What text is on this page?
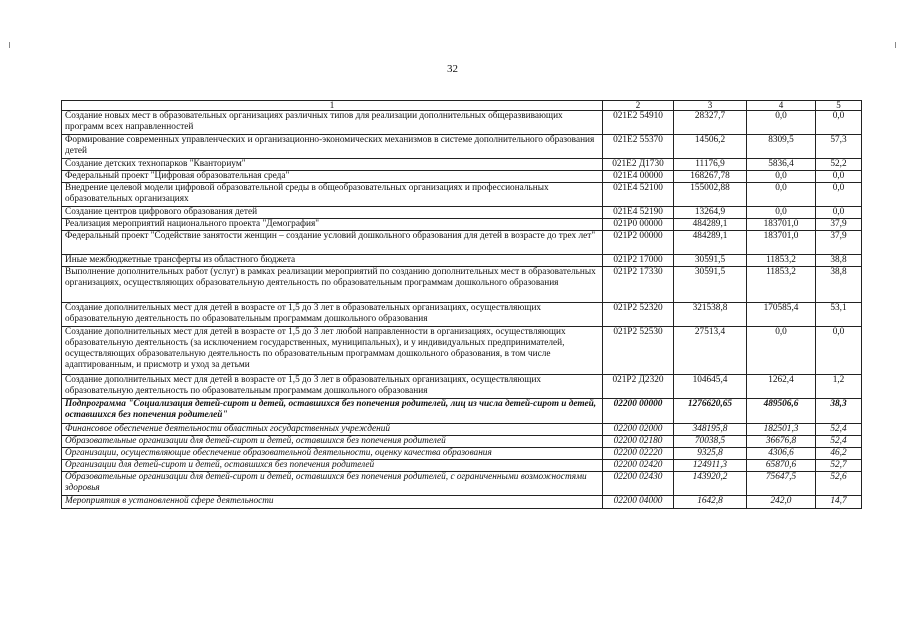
32
1	2	3	4	5
Создание новых мест в образовательных организациях различных типов для реализации дополнительных общеразвивающих программ всех направленностей	021E2 54910	28327,7	0,0	0,0
Формирование современных управленческих и организационно-экономических механизмов в системе дополнительного образования детей	021E2 55370	14506,2	8309,5	57,3
Создание детских технопарков "Кванториум"	021E2 Д1730	11176,9	5836,4	52,2
Федеральный проект "Цифровая образовательная среда"	021E4 00000	168267,78	0,0	0,0
Внедрение целевой модели цифровой образовательной среды в общеобразовательных организациях и профессиональных образовательных организациях	021E4 52100	155002,88	0,0	0,0
Создание центров цифрового образования детей	021E4 52190	13264,9	0,0	0,0
Реализация мероприятий национального проекта "Демография"	021P0 00000	484289,1	183701,0	37,9
Федеральный проект "Содействие занятости женщин – создание условий дошкольного образования для детей в возрасте до трех лет"	021P2 00000	484289,1	183701,0	37,9
Иные межбюджетные трансферты из областного бюджета	021P2 17000	30591,5	11853,2	38,8
Выполнение дополнительных работ (услуг) в рамках реализации мероприятий по созданию дополнительных мест в образовательных организациях, осуществляющих образовательную деятельность по образовательным программам дошкольного образования	021P2 17330	30591,5	11853,2	38,8
Создание дополнительных мест для детей в возрасте от 1,5 до 3 лет в образовательных организациях, осуществляющих образовательную деятельность по образовательным программам дошкольного образования	021P2 52320	321538,8	170585,4	53,1
Создание дополнительных мест для детей в возрасте от 1,5 до 3 лет любой направленности в организациях, осуществляющих образовательную деятельность (за исключением государственных, муниципальных), и у индивидуальных предпринимателей, осуществляющих образовательную деятельность по образовательным программам дошкольного образования, в том числе адаптированным, и присмотр и уход за детьми	021P2 52530	27513,4	0,0	0,0
Создание дополнительных мест для детей в возрасте от 1,5 до 3 лет в образовательных организациях, осуществляющих образовательную деятельность по образовательным программам дошкольного образования	021P2 Д2320	104645,4	1262,4	1,2
Подпрограмма "Социализация детей-сирот и детей, оставшихся без попечения родителей, лиц из числа детей-сирот и детей, оставшихся без попечения родителей"	02200 00000	1276620,65	489506,6	38,3
Финансовое обеспечение деятельности областных государственных учреждений	02200 02000	348195,8	182501,3	52,4
Образовательные организации для детей-сирот и детей, оставшихся без попечения родителей	02200 02180	70038,5	36676,8	52,4
Организации, осуществляющие обеспечение образовательной деятельности, оценку качества образования	02200 02220	9325,8	4306,6	46,2
Организации для детей-сирот и детей, оставшихся без попечения родителей	02200 02420	124911,3	65870,6	52,7
Образовательные организации для детей-сирот и детей, оставшихся без попечения родителей, с ограниченными возможностями здоровья	02200 02430	143920,2	75647,5	52,6
Мероприятия в установленной сфере деятельности	02200 04000	1642,8	242,0	14,7
